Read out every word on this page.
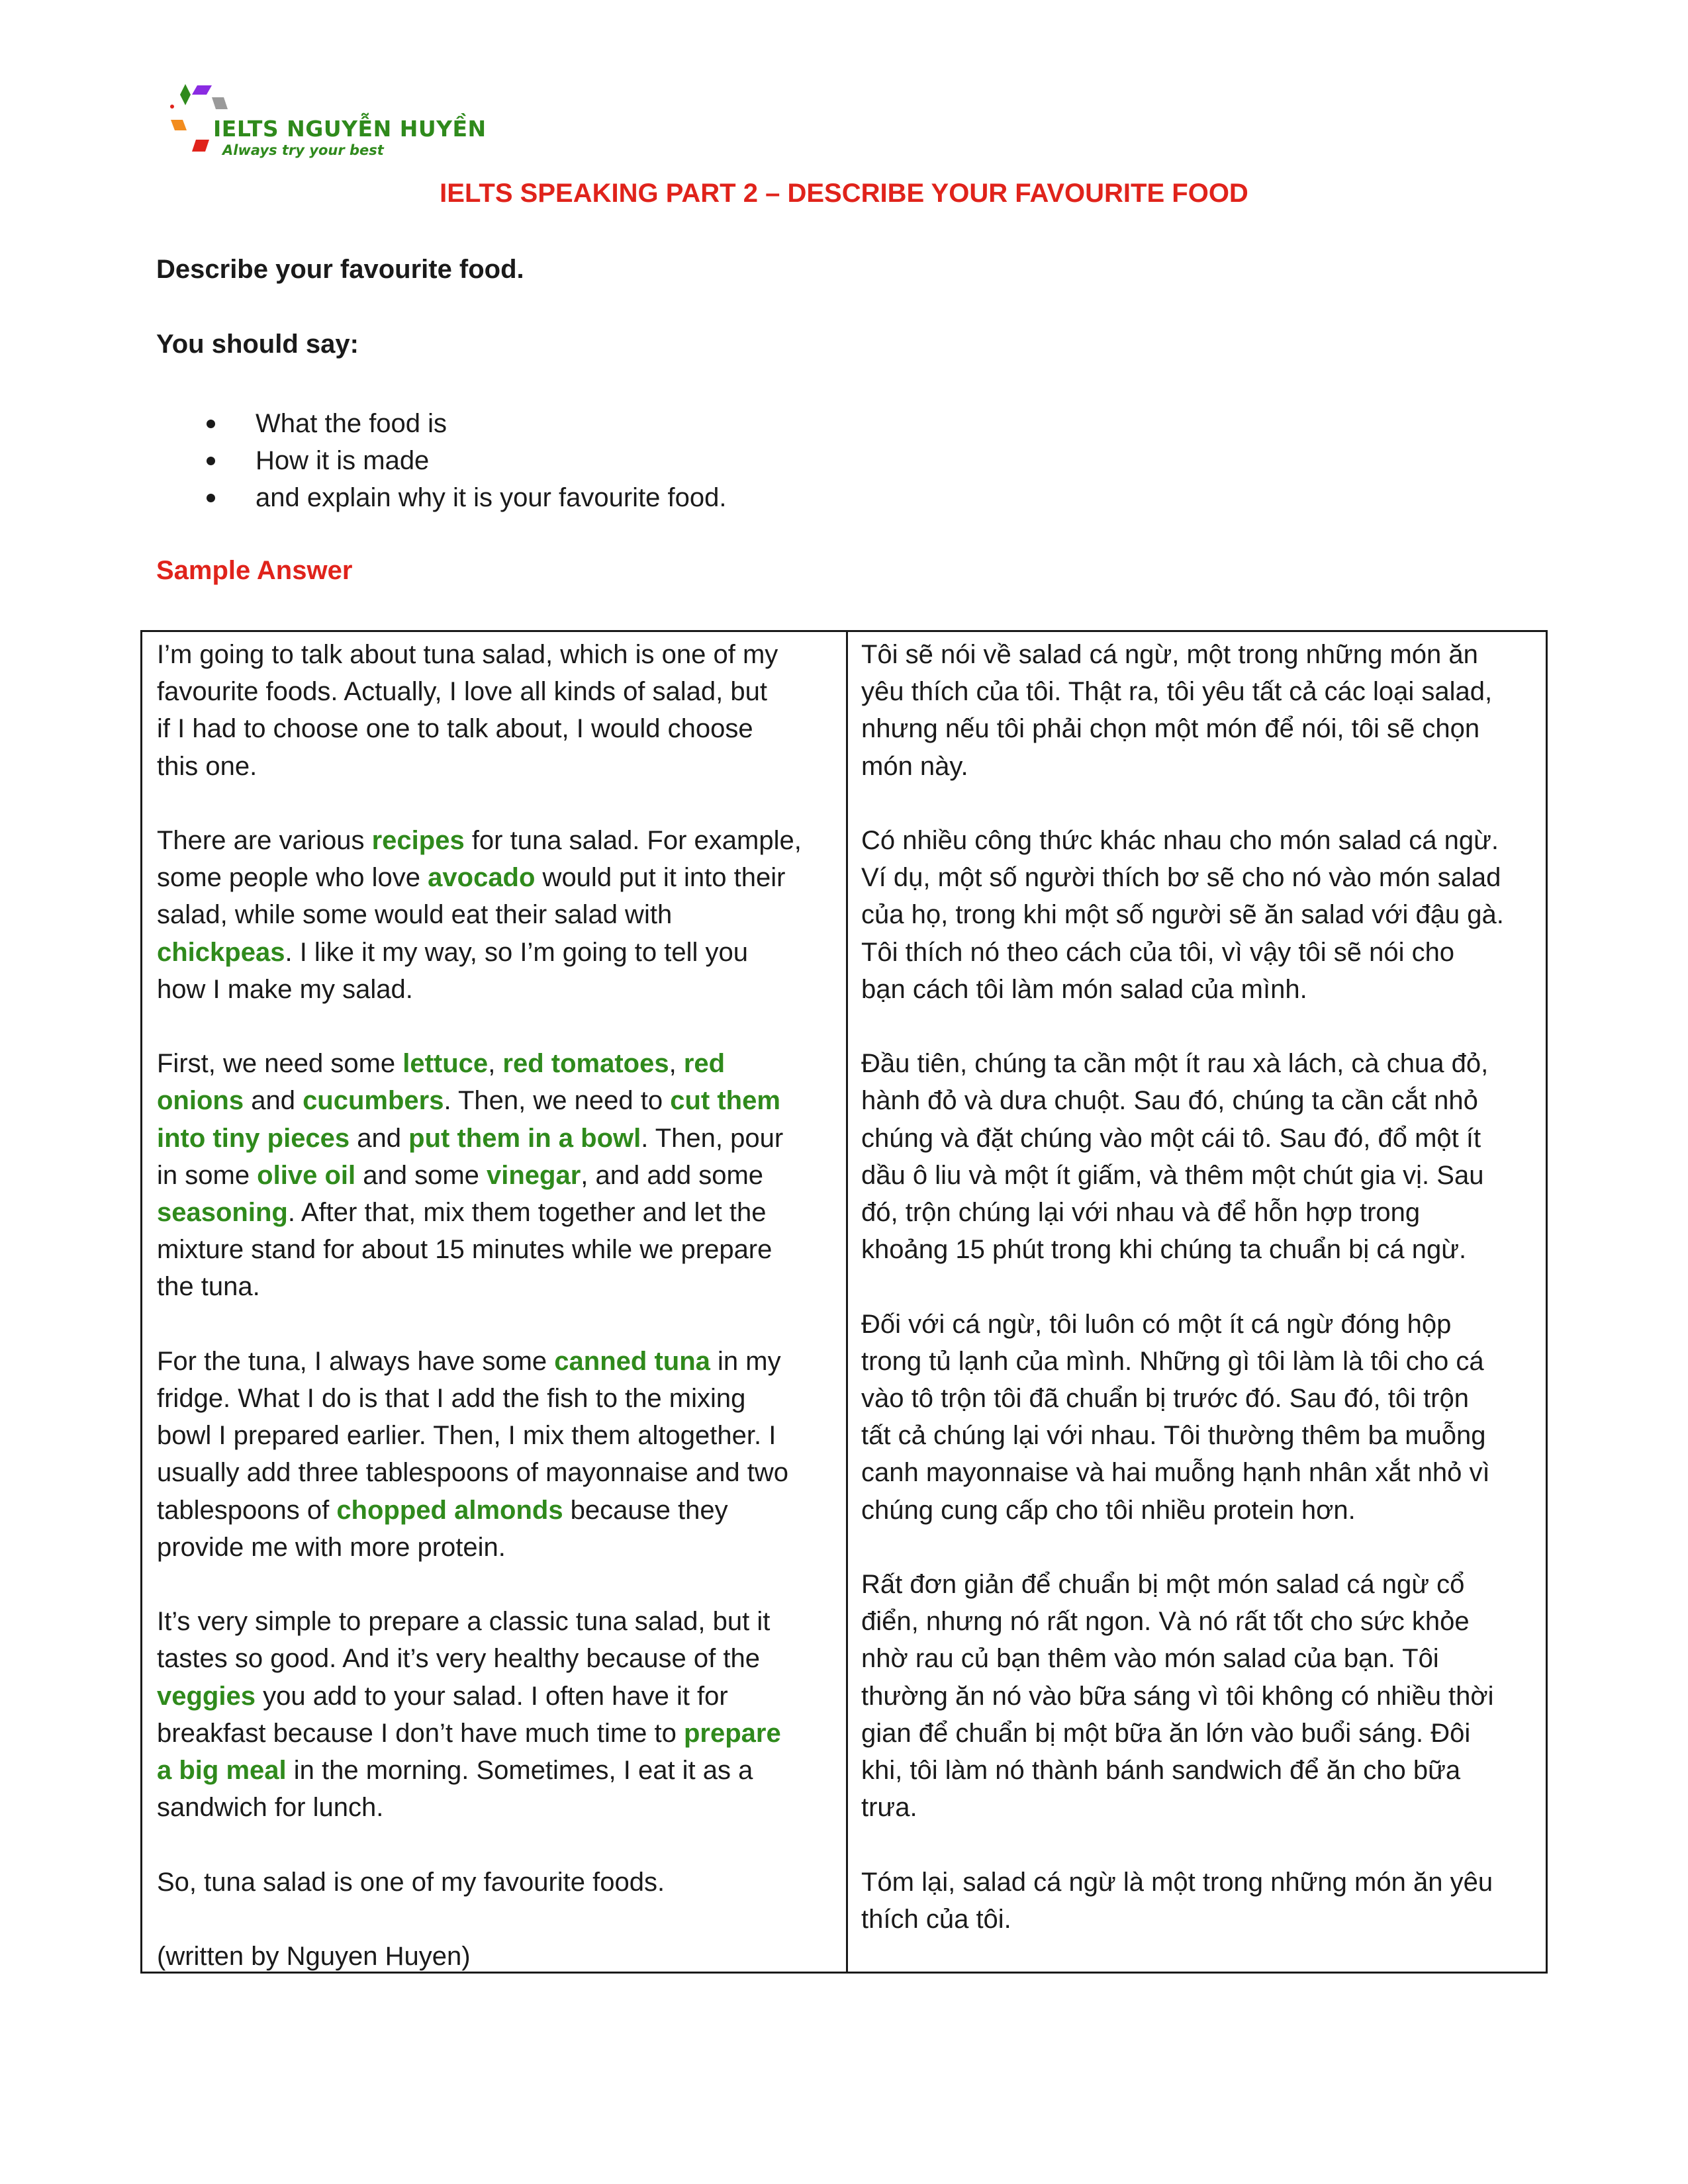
IELTS NGUYỄN HUYỀN
Always try your best
IELTS SPEAKING PART 2 – DESCRIBE YOUR FAVOURITE FOOD
Describe your favourite food.
You should say:
What the food is
How it is made
and explain why it is your favourite food.
Sample Answer

I’m going to talk about tuna salad, which is one of my
favourite foods. Actually, I love all kinds of salad, but
if I had to choose one to talk about, I would choose
this one.

There are various recipes for tuna salad. For example,
some people who love avocado would put it into their
salad, while some would eat their salad with
chickpeas. I like it my way, so I’m going to tell you
how I make my salad.

First, we need some lettuce, red tomatoes, red
onions and cucumbers. Then, we need to cut them
into tiny pieces and put them in a bowl. Then, pour
in some olive oil and some vinegar, and add some
seasoning. After that, mix them together and let the
mixture stand for about 15 minutes while we prepare
the tuna.

For the tuna, I always have some canned tuna in my
fridge. What I do is that I add the fish to the mixing
bowl I prepared earlier. Then, I mix them altogether. I
usually add three tablespoons of mayonnaise and two
tablespoons of chopped almonds because they
provide me with more protein.

It’s very simple to prepare a classic tuna salad, but it
tastes so good. And it’s very healthy because of the
veggies you add to your salad. I often have it for
breakfast because I don’t have much time to prepare
a big meal in the morning. Sometimes, I eat it as a
sandwich for lunch.

So, tuna salad is one of my favourite foods.

(written by Nguyen Huyen)

Tôi sẽ nói về salad cá ngừ, một trong những món ăn
yêu thích của tôi. Thật ra, tôi yêu tất cả các loại salad,
nhưng nếu tôi phải chọn một món để nói, tôi sẽ chọn
món này.

Có nhiều công thức khác nhau cho món salad cá ngừ.
Ví dụ, một số người thích bơ sẽ cho nó vào món salad
của họ, trong khi một số người sẽ ăn salad với đậu gà.
Tôi thích nó theo cách của tôi, vì vậy tôi sẽ nói cho
bạn cách tôi làm món salad của mình.

Đầu tiên, chúng ta cần một ít rau xà lách, cà chua đỏ,
hành đỏ và dưa chuột. Sau đó, chúng ta cần cắt nhỏ
chúng và đặt chúng vào một cái tô. Sau đó, đổ một ít
dầu ô liu và một ít giấm, và thêm một chút gia vị. Sau
đó, trộn chúng lại với nhau và để hỗn hợp trong
khoảng 15 phút trong khi chúng ta chuẩn bị cá ngừ.

Đối với cá ngừ, tôi luôn có một ít cá ngừ đóng hộp
trong tủ lạnh của mình. Những gì tôi làm là tôi cho cá
vào tô trộn tôi đã chuẩn bị trước đó. Sau đó, tôi trộn
tất cả chúng lại với nhau. Tôi thường thêm ba muỗng
canh mayonnaise và hai muỗng hạnh nhân xắt nhỏ vì
chúng cung cấp cho tôi nhiều protein hơn.

Rất đơn giản để chuẩn bị một món salad cá ngừ cổ
điển, nhưng nó rất ngon. Và nó rất tốt cho sức khỏe
nhờ rau củ bạn thêm vào món salad của bạn. Tôi
thường ăn nó vào bữa sáng vì tôi không có nhiều thời
gian để chuẩn bị một bữa ăn lớn vào buổi sáng. Đôi
khi, tôi làm nó thành bánh sandwich để ăn cho bữa
trưa.

Tóm lại, salad cá ngừ là một trong những món ăn yêu
thích của tôi.
